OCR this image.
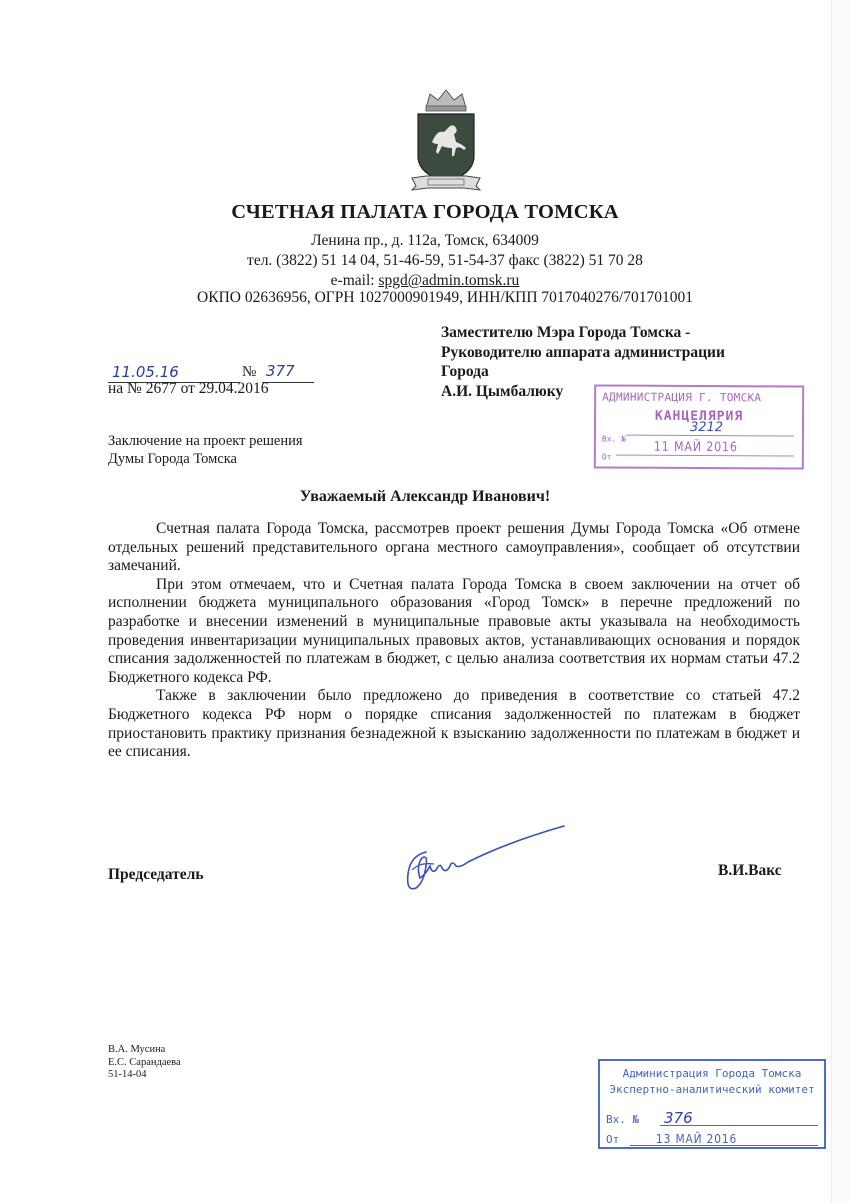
СЧЕТНАЯ ПАЛАТА ГОРОДА ТОМСКА
Ленина пр., д. 112а, Томск, 634009
тел. (3822) 51 14 04, 51-46-59, 51-54-37 факс (3822) 51 70 28
e-mail: spgd@admin.tomsk.ru
ОКПО 02636956, ОГРН 1027000901949, ИНН/КПП 7017040276/701701001
11.05.16	№ 377
на № 2677 от 29.04.2016
Заключение на проект решения
Думы Города Томска
Заместителю Мэра Города Томска -
Руководителю аппарата администрации
Города
А.И. Цымбалюку	АДМИНИСТРАЦИЯ Г. ТОМСКА
КАНЦЕЛЯРИЯ
Вх. №
3212
От
11 МАЙ 2016
Уважаемый Александр Иванович!

Счетная палата Города Томска, рассмотрев проект решения Думы Города Томска «Об отмене отдельных решений представительного органа местного самоуправления», сообщает об отсутствии замечаний.

При этом отмечаем, что и Счетная палата Города Томска в своем заключении на отчет об исполнении бюджета муниципального образования «Город Томск» в перечне предложений по разработке и внесении изменений в муниципальные правовые акты указывала на необходимость проведения инвентаризации муниципальных правовых актов, устанавливающих основания и порядок списания задолженностей по платежам в бюджет, с целью анализа соответствия их нормам статьи 47.2 Бюджетного кодекса РФ.

Также в заключении было предложено до приведения в соответствие со статьей 47.2 Бюджетного кодекса РФ норм о порядке списания задолженностей по платежам в бюджет приостановить практику признания безнадежной к взысканию задолженности по платежам в бюджет и ее списания.

Председатель	В.И.Вакс
В.А. Мусина
Е.С. Сарандаева
51-14-04	Администрация Города Томска
Экспертно-аналитический комитет
Вх. № 376
От	13 МАЙ 2016
